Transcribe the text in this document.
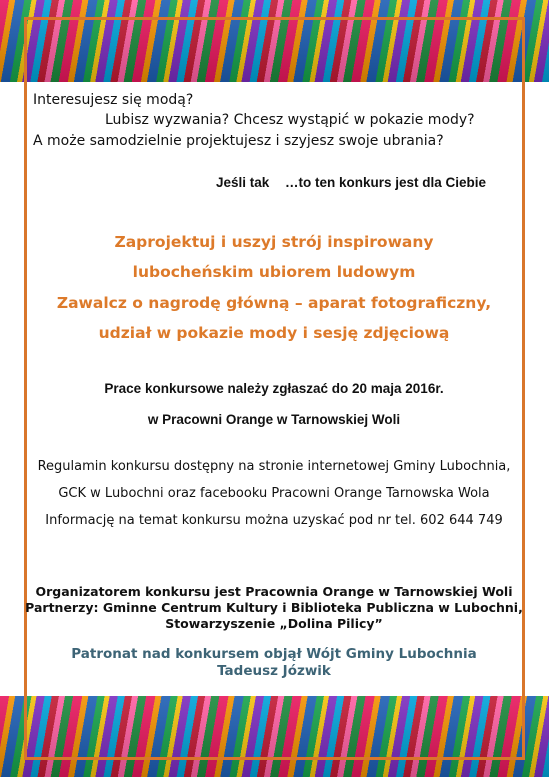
Interesujesz się modą?
Lubisz wyzwania? Chcesz wystąpić w pokazie mody?
A może samodzielnie projektujesz i szyjesz swoje ubrania?
Jeśli tak …to ten konkurs jest dla Ciebie
Zaprojektuj i uszyj strój inspirowany
lubocheńskim ubiorem ludowym
Zawalcz o nagrodę główną – aparat fotograficzny,
udział w pokazie mody i sesję zdjęciową
Prace konkursowe należy zgłaszać do 20 maja 2016r.
w Pracowni Orange w Tarnowskiej Woli
Regulamin konkursu dostępny na stronie internetowej Gminy Lubochnia,
GCK w Lubochni oraz facebooku Pracowni Orange Tarnowska Wola
Informację na temat konkursu można uzyskać pod nr tel. 602 644 749
Organizatorem konkursu jest Pracownia Orange w Tarnowskiej Woli
Partnerzy: Gminne Centrum Kultury i Biblioteka Publiczna w Lubochni,
Stowarzyszenie „Dolina Pilicy”
Patronat nad konkursem objął Wójt Gminy Lubochnia
Tadeusz Józwik
